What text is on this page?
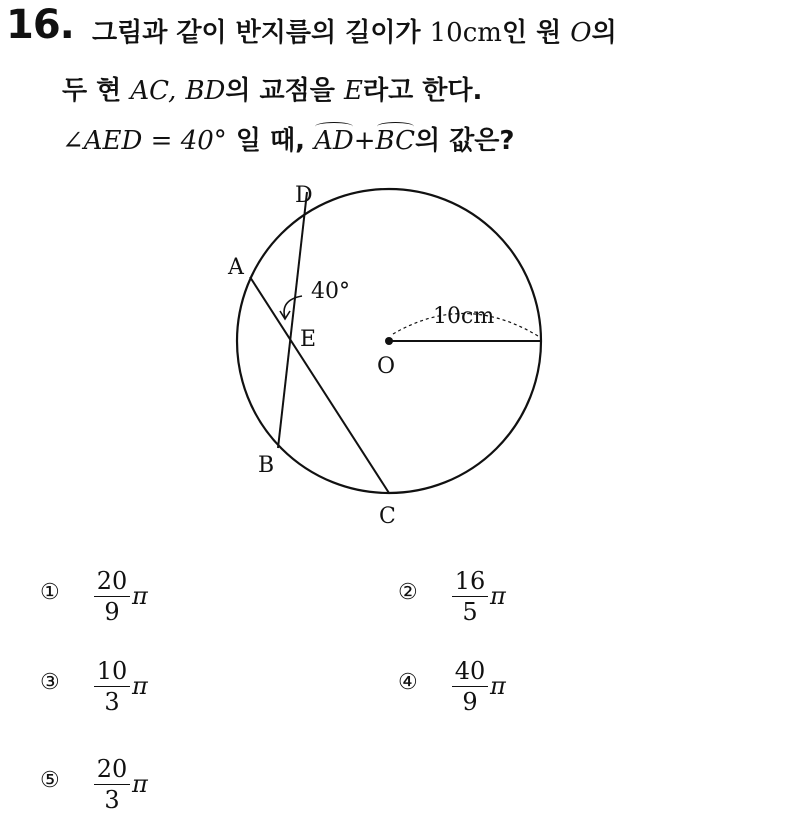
16. 그림과 같이 반지름의 길이가 10cm인 원 O의
두 현 AC, BD의 교점을 E라고 한다.
∠AED = 40° 일 때, AD+BC의 값은?
D
A
E
O
B
C
40°
10cm
① 20
9
π	② 16
5
π
③ 10
3
π	④ 40
9
π
⑤ 20
3
π
